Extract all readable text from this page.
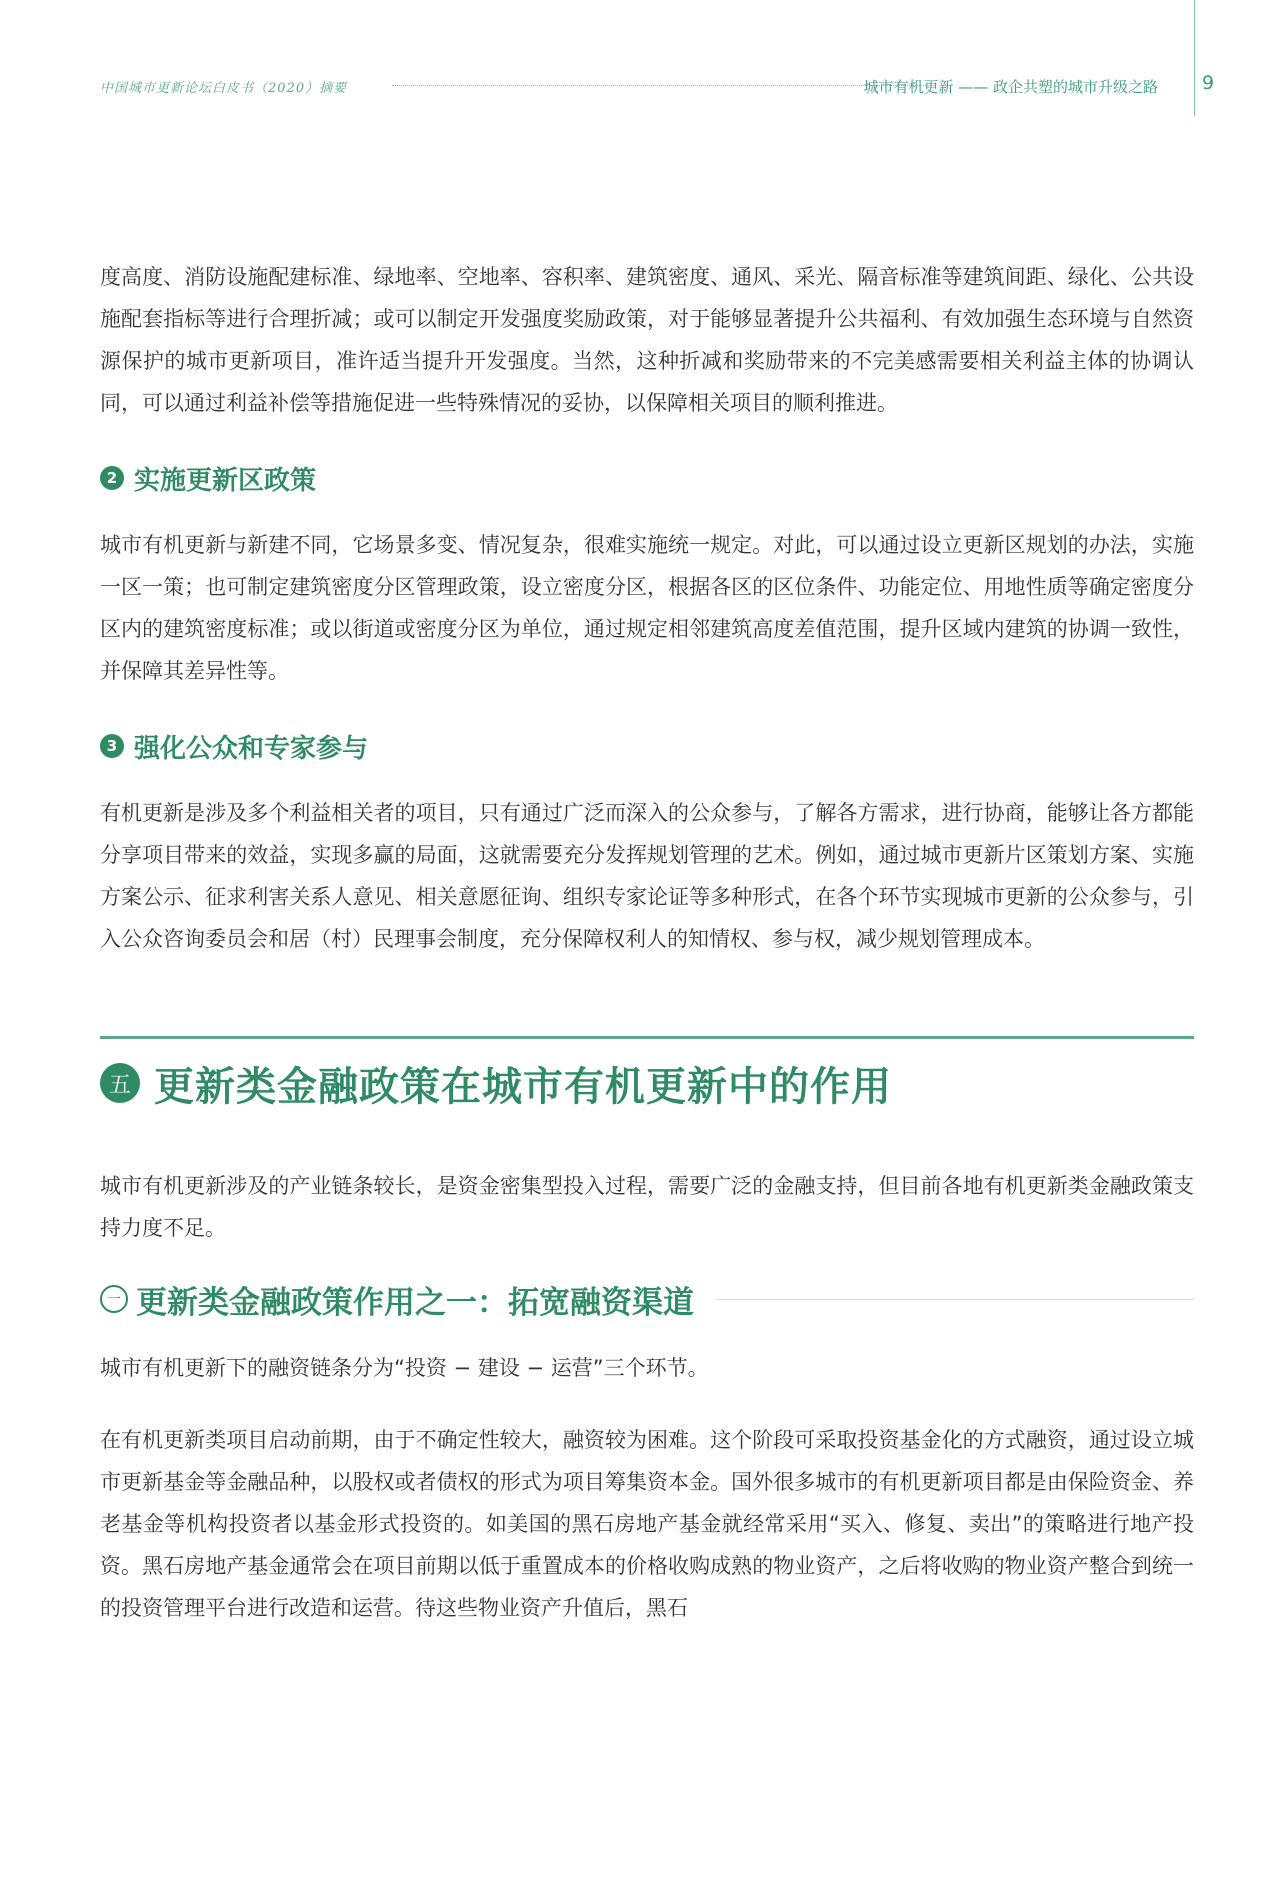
中国城市更新论坛白皮书（2020）摘要	城市有机更新 —— 政企共塑的城市升级之路 9

度高度、消防设施配建标准、绿地率、空地率、容积率、建筑密度、通风、采光、隔音标准等建筑间距、绿化、公共设施配套指标等进行合理折减；或可以制定开发强度奖励政策，对于能够显著提升公共福利、有效加强生态环境与自然资源保护的城市更新项目，准许适当提升开发强度。当然，这种折减和奖励带来的不完美感需要相关利益主体的协调认同，可以通过利益补偿等措施促进一些特殊情况的妥协，以保障相关项目的顺利推进。

2 实施更新区政策

城市有机更新与新建不同，它场景多变、情况复杂，很难实施统一规定。对此，可以通过设立更新区规划的办法，实施一区一策；也可制定建筑密度分区管理政策，设立密度分区，根据各区的区位条件、功能定位、用地性质等确定密度分区内的建筑密度标准；或以街道或密度分区为单位，通过规定相邻建筑高度差值范围，提升区域内建筑的协调一致性，并保障其差异性等。

3 强化公众和专家参与

有机更新是涉及多个利益相关者的项目，只有通过广泛而深入的公众参与，了解各方需求，进行协商，能够让各方都能分享项目带来的效益，实现多赢的局面，这就需要充分发挥规划管理的艺术。例如，通过城市更新片区策划方案、实施方案公示、征求利害关系人意见、相关意愿征询、组织专家论证等多种形式，在各个环节实现城市更新的公众参与，引入公众咨询委员会和居（村）民理事会制度，充分保障权利人的知情权、参与权，减少规划管理成本。

五 更新类金融政策在城市有机更新中的作用

城市有机更新涉及的产业链条较长，是资金密集型投入过程，需要广泛的金融支持，但目前各地有机更新类金融政策支持力度不足。

一 更新类金融政策作用之一：拓宽融资渠道

城市有机更新下的融资链条分为“投资 − 建设 − 运营”三个环节。

在有机更新类项目启动前期，由于不确定性较大，融资较为困难。这个阶段可采取投资基金化的方式融资，通过设立城市更新基金等金融品种，以股权或者债权的形式为项目筹集资本金。国外很多城市的有机更新项目都是由保险资金、养老基金等机构投资者以基金形式投资的。如美国的黑石房地产基金就经常采用“买入、修复、卖出”的策略进行地产投资。黑石房地产基金通常会在项目前期以低于重置成本的价格收购成熟的物业资产，之后将收购的物业资产整合到统一的投资管理平台进行改造和运营。待这些物业资产升值后，黑石
